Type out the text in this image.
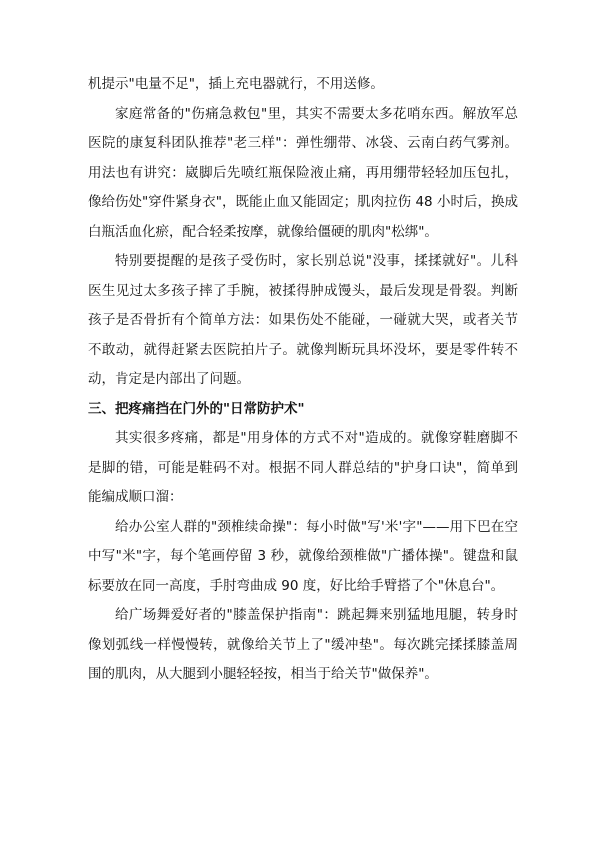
机提示"电量不足"，插上充电器就行，不用送修。

家庭常备的"伤痛急救包"里，其实不需要太多花哨东西。解放军总医院的康复科团队推荐"老三样"：弹性绷带、冰袋、云南白药气雾剂。用法也有讲究：崴脚后先喷红瓶保险液止痛，再用绷带轻轻加压包扎，像给伤处"穿件紧身衣"，既能止血又能固定；肌肉拉伤 48 小时后，换成白瓶活血化瘀，配合轻柔按摩，就像给僵硬的肌肉"松绑"。

特别要提醒的是孩子受伤时，家长别总说"没事，揉揉就好"。儿科医生见过太多孩子摔了手腕，被揉得肿成馒头，最后发现是骨裂。判断孩子是否骨折有个简单方法：如果伤处不能碰，一碰就大哭，或者关节不敢动，就得赶紧去医院拍片子。就像判断玩具坏没坏，要是零件转不动，肯定是内部出了问题。

三、把疼痛挡在门外的"日常防护术"

其实很多疼痛，都是"用身体的方式不对"造成的。就像穿鞋磨脚不是脚的错，可能是鞋码不对。根据不同人群总结的"护身口诀"，简单到能编成顺口溜：

给办公室人群的"颈椎续命操"：每小时做"写'米'字"——用下巴在空中写"米"字，每个笔画停留 3 秒，就像给颈椎做"广播体操"。键盘和鼠标要放在同一高度，手肘弯曲成 90 度，好比给手臂搭了个"休息台"。

给广场舞爱好者的"膝盖保护指南"：跳起舞来别猛地甩腿，转身时像划弧线一样慢慢转，就像给关节上了"缓冲垫"。每次跳完揉揉膝盖周围的肌肉，从大腿到小腿轻轻按，相当于给关节"做保养"。
